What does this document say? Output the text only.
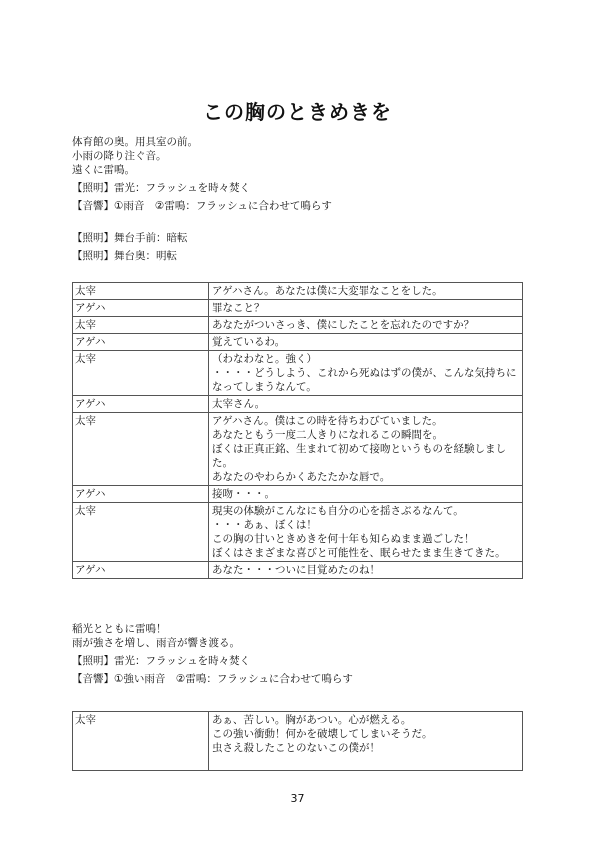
この胸のときめきを
体育館の奥。用具室の前。
小雨の降り注ぐ音。
遠くに雷鳴。
【照明】雷光：フラッシュを時々焚く
【音響】①雨音　②雷鳴：フラッシュに合わせて鳴らす
【照明】舞台手前：暗転
【照明】舞台奥：明転
太宰	アゲハさん。あなたは僕に大変罪なことをした。

アゲハ	罪なこと？

太宰	あなたがついさっき、僕にしたことを忘れたのですか？

アゲハ	覚えているわ。

太宰	（わなわなと。強く）
・・・・どうしよう、これから死ぬはずの僕が、こんな気持ちになってしまうなんて。

アゲハ	太宰さん。

太宰	アゲハさん。僕はこの時を待ちわびていました。
あなたともう一度二人きりになれるこの瞬間を。
ぼくは正真正銘、生まれて初めて接吻というものを経験しました。
あなたのやわらかくあたたかな唇で。

アゲハ	接吻・・・。

太宰	現実の体験がこんなにも自分の心を揺さぶるなんて。
・・・あぁ、ぼくは！
この胸の甘いときめきを何十年も知らぬまま過ごした！
ぼくはさまざまな喜びと可能性を、眠らせたまま生きてきた。

アゲハ	あなた・・・ついに目覚めたのね！
稲光とともに雷鳴！
雨が強さを増し、雨音が響き渡る。
【照明】雷光：フラッシュを時々焚く
【音響】①強い雨音　②雷鳴：フラッシュに合わせて鳴らす
太宰	あぁ、苦しい。胸があつい。心が燃える。
この強い衝動！何かを破壊してしまいそうだ。
虫さえ殺したことのないこの僕が！
37
